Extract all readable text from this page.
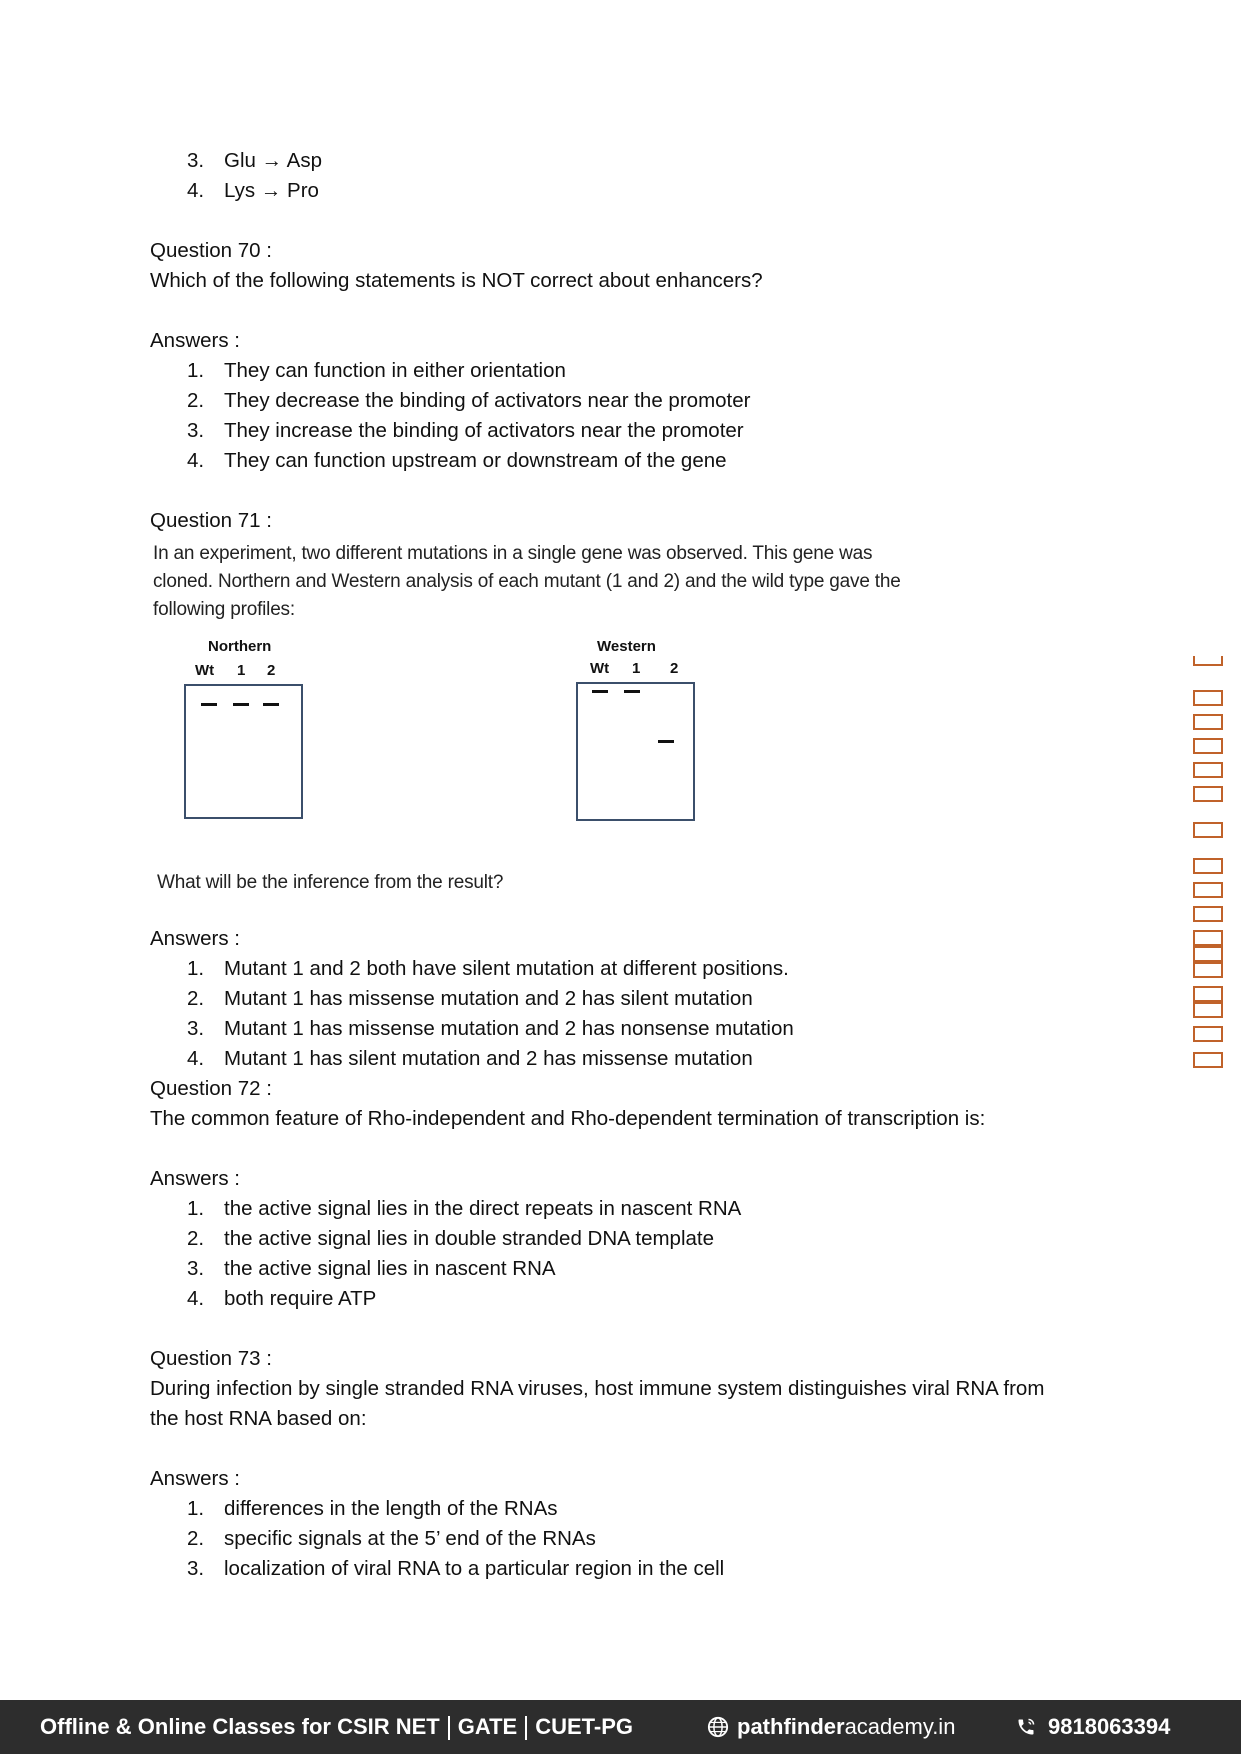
3. Glu → Asp
4. Lys → Pro
Question 70 :
Which of the following statements is NOT correct about enhancers?
Answers :
1. They can function in either orientation
2. They decrease the binding of activators near the promoter
3. They increase the binding of activators near the promoter
4. They can function upstream or downstream of the gene
Question 71 :
In an experiment, two different mutations in a single gene was observed. This gene was
cloned. Northern and Western analysis of each mutant (1 and 2) and the wild type gave the
following profiles:
Northern
Wt 1 2
Western
Wt 1 2
What will be the inference from the result?
Answers :
1. Mutant 1 and 2 both have silent mutation at different positions.
2. Mutant 1 has missense mutation and 2 has silent mutation
3. Mutant 1 has missense mutation and 2 has nonsense mutation
4. Mutant 1 has silent mutation and 2 has missense mutation
Question 72 :
The common feature of Rho-independent and Rho-dependent termination of transcription is:
Answers :
1. the active signal lies in the direct repeats in nascent RNA
2. the active signal lies in double stranded DNA template
3. the active signal lies in nascent RNA
4. both require ATP
Question 73 :
During infection by single stranded RNA viruses, host immune system distinguishes viral RNA from
the host RNA based on:
Answers :
1. differences in the length of the RNAs
2. specific signals at the 5’ end of the RNAs
3. localization of viral RNA to a particular region in the cell
Offline & Online Classes for CSIR NET GATE CUET-PG	pathfinder academy.in	9818063394
